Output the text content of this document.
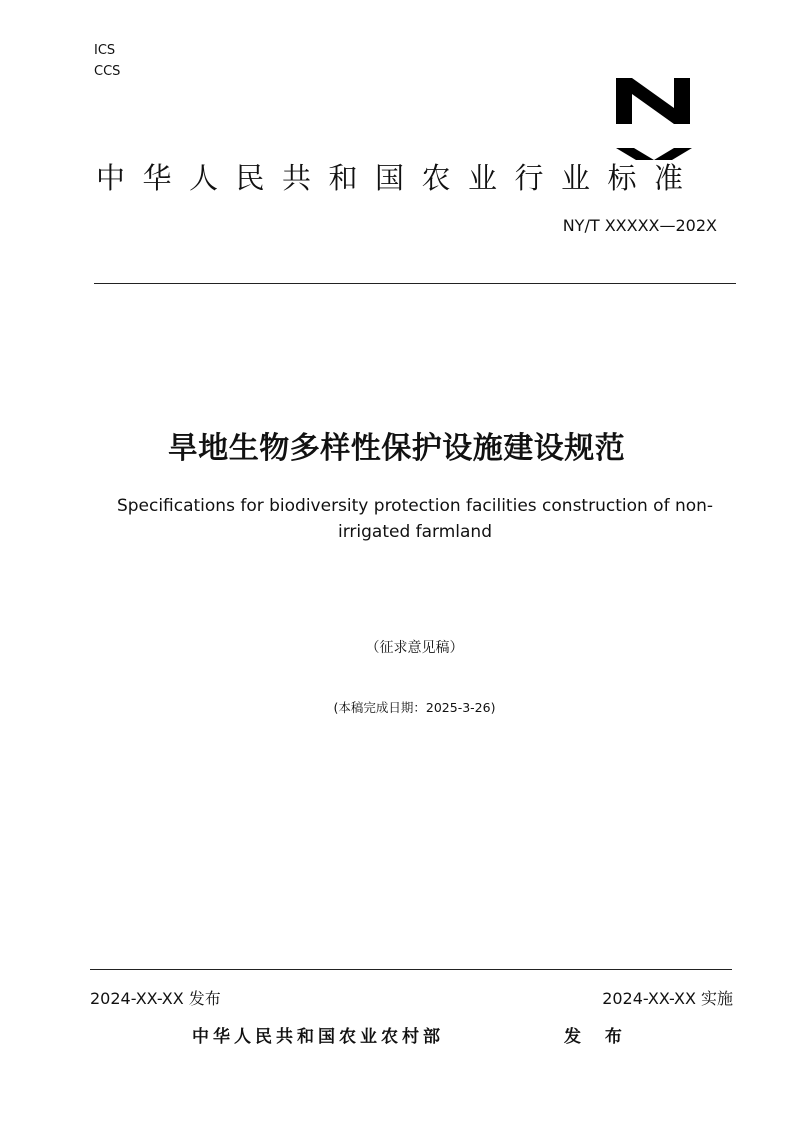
ICS
CCS
中华人民共和国农业行业标准
NY/T XXXXX—202X
旱地生物多样性保护设施建设规范
Specifications for biodiversity protection facilities construction of non-irrigated farmland
（征求意见稿）
(本稿完成日期：2025-3-26)
2024-XX-XX 发布	2024-XX-XX 实施
中华人民共和国农业农村部	发 布
